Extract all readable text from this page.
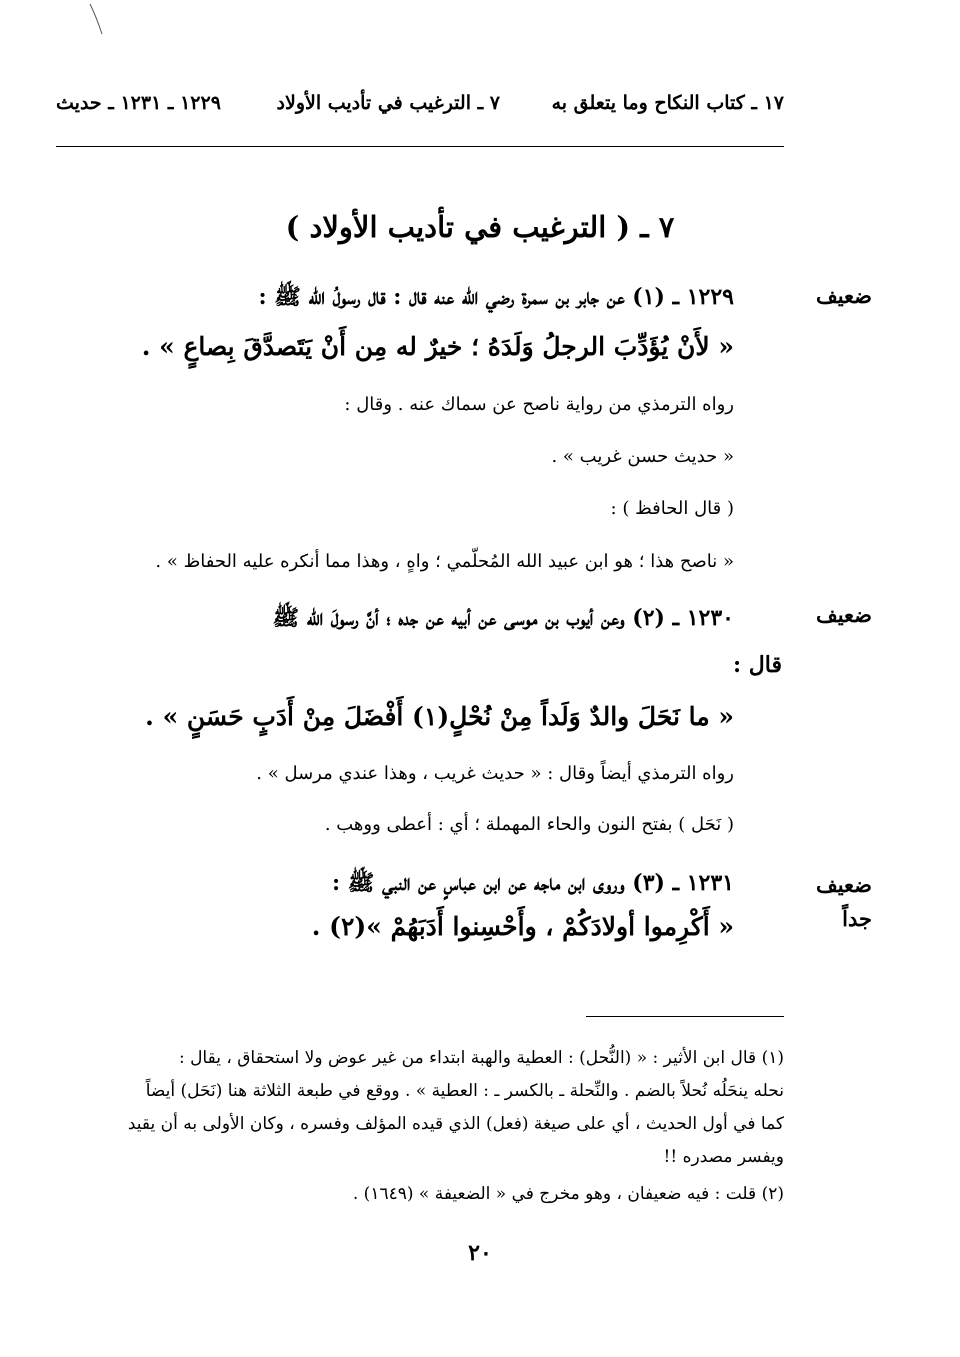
١٧ ـ كتاب النكاح وما يتعلق به
٧ ـ الترغيب في تأديب الأولاد
١٢٢٩ ـ ١٢٣١ ـ حديث
٧ ـ ( الترغيب في تأديب الأولاد )
ضعيف
١٢٢٩ ـ (١) عن جابر بن سمرة رضي الله عنه قال : قال رسولُ الله ﷺ :
« لأَنْ يُؤَدِّبَ الرجلُ وَلَدَهُ ؛ خيرٌ له مِن أَنْ يَتَصدَّقَ بِصاعٍ » .
رواه الترمذي من رواية ناصح عن سماك عنه . وقال :
« حديث حسن غريب » .
( قال الحافظ ) :
« ناصح هذا ؛ هو ابن عبيد الله المُحلّمي ؛ واهٍ ، وهذا مما أنكره عليه الحفاظ » .
ضعيف
١٢٣٠ ـ (٢) وعن أيوب بن موسى عن أبيه عن جده ؛ أنَّ رسولَ الله ﷺ
قال :
« ما نَحَلَ والدٌ وَلَداً مِنْ نُحْلٍ(١) أَفْضَلَ مِنْ أَدَبٍ حَسَنٍ » .
رواه الترمذي أيضاً وقال : « حديث غريب ، وهذا عندي مرسل » .
( نَحَل ) بفتح النون والحاء المهملة ؛ أي : أعطى ووهب .
ضعيف جداً
١٢٣١ ـ (٣) وروى ابن ماجه عن ابن عباسٍ عن النبي ﷺ :
« أَكْرِموا أولادَكُمْ ، وأَحْسِنوا أَدَبَهُمْ »(٢) .
(١) قال ابن الأثير : « (النُّحل) : العطية والهبة ابتداء من غير عوض ولا استحقاق ، يقال :
نحله ينحَلُه نُحلاً بالضم . والنِّحلة ـ بالكسر ـ : العطية » . ووقع في طبعة الثلاثة هنا (نَحَل) أيضاً
كما في أول الحديث ، أي على صيغة (فعل) الذي قيده المؤلف وفسره ، وكان الأولى به أن يقيد
ويفسر مصدره !!
(٢) قلت : فيه ضعيفان ، وهو مخرج في « الضعيفة » (١٦٤٩) .
٢٠
